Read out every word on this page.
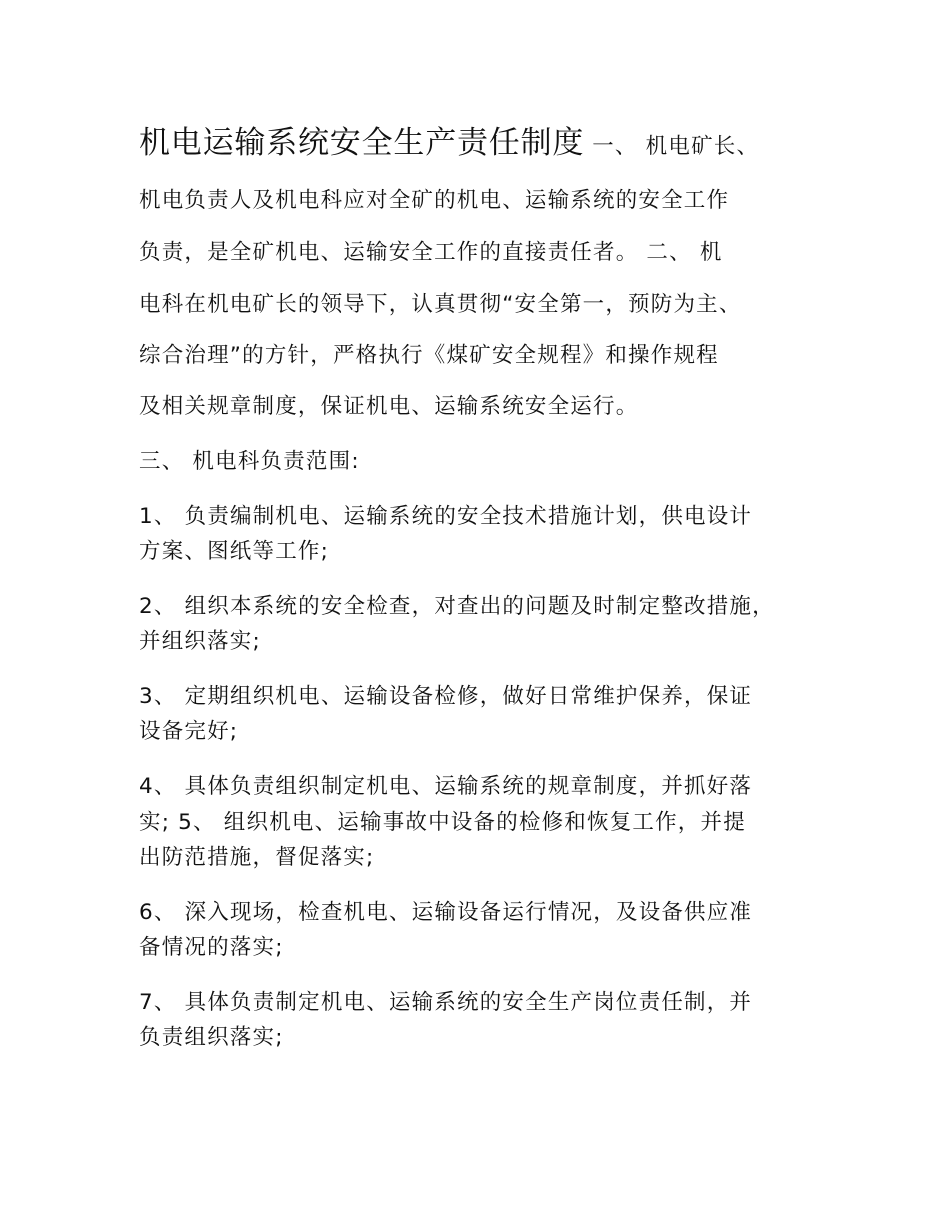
机电运输系统安全生产责任制度 一、 机电矿长、
机电负责人及机电科应对全矿的机电、运输系统的安全工作
负责，是全矿机电、运输安全工作的直接责任者。 二、 机
电科在机电矿长的领导下，认真贯彻“安全第一，预防为主、
综合治理”的方针，严格执行《煤矿安全规程》和操作规程
及相关规章制度，保证机电、运输系统安全运行。
三、 机电科负责范围:
1、 负责编制机电、运输系统的安全技术措施计划，供电设计
方案、图纸等工作;
2、 组织本系统的安全检查，对查出的问题及时制定整改措施，
并组织落实;
3、 定期组织机电、运输设备检修，做好日常维护保养，保证
设备完好;
4、 具体负责组织制定机电、运输系统的规章制度，并抓好落
实; 5、 组织机电、运输事故中设备的检修和恢复工作，并提
出防范措施，督促落实;
6、 深入现场，检查机电、运输设备运行情况，及设备供应准
备情况的落实;
7、 具体负责制定机电、运输系统的安全生产岗位责任制，并
负责组织落实;
